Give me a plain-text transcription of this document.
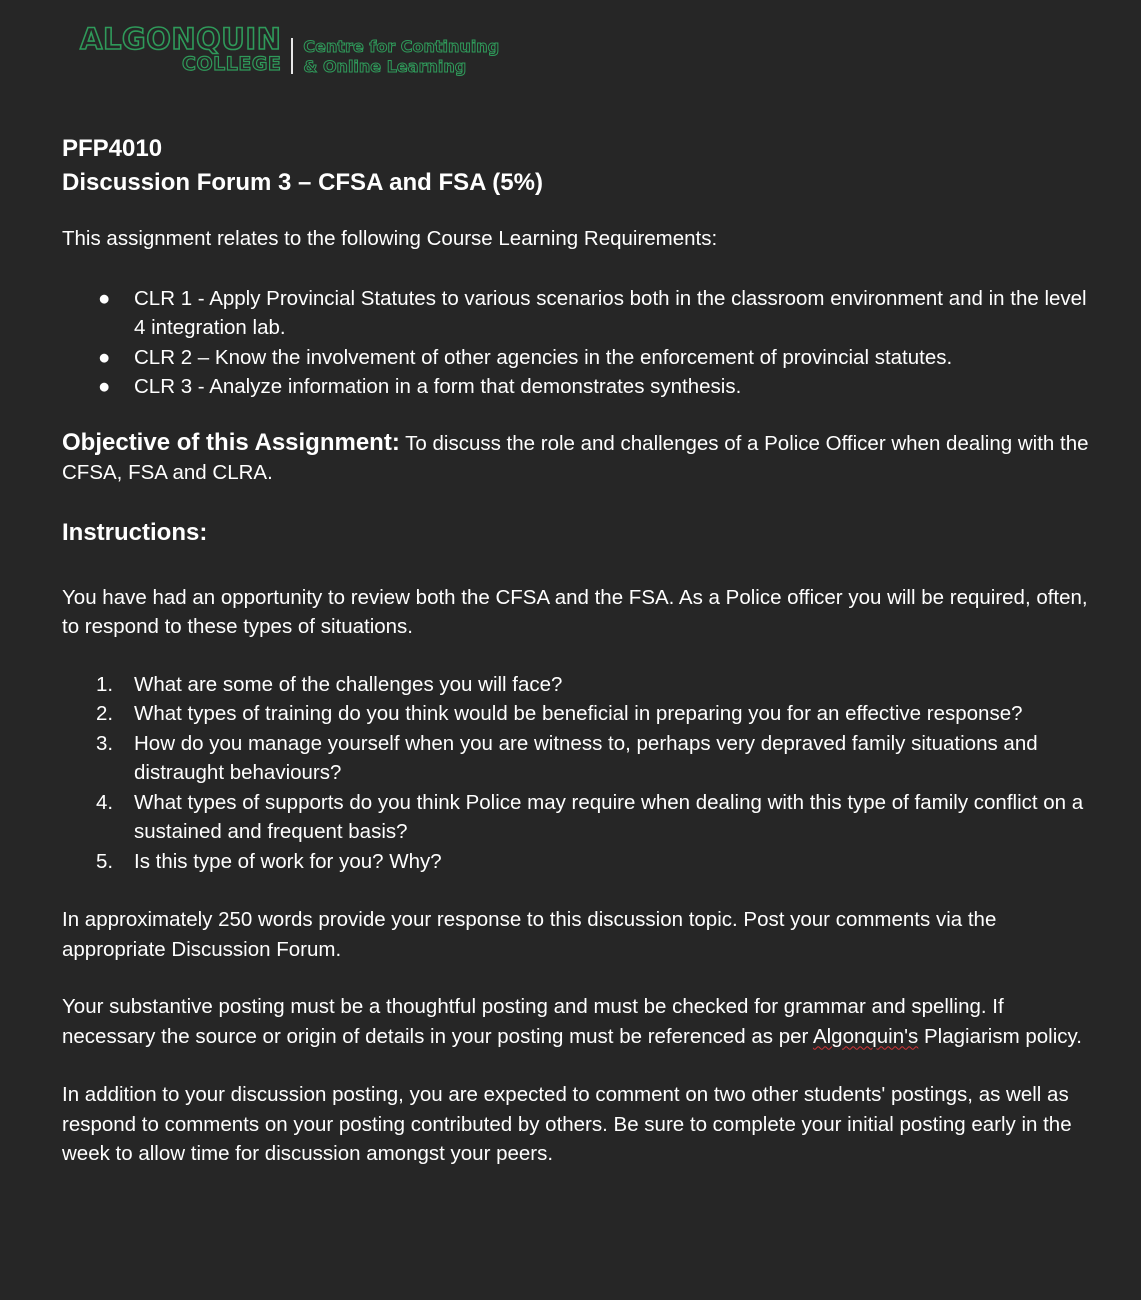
ALGONQUIN
COLLEGE
Centre for Continuing
& Online Learning
PFP4010
Discussion Forum 3 – CFSA and FSA (5%)

This assignment relates to the following Course Learning Requirements:

● CLR 1 - Apply Provincial Statutes to various scenarios both in the classroom environment and in the level 4 integration lab.
● CLR 2 – Know the involvement of other agencies in the enforcement of provincial statutes.
● CLR 3 - Analyze information in a form that demonstrates synthesis.

Objective of this Assignment: To discuss the role and challenges of a Police Officer when dealing with the CFSA, FSA and CLRA.

Instructions:

You have had an opportunity to review both the CFSA and the FSA. As a Police officer you will be required, often, to respond to these types of situations.

1. What are some of the challenges you will face?
2. What types of training do you think would be beneficial in preparing you for an effective response?
3. How do you manage yourself when you are witness to, perhaps very depraved family situations and distraught behaviours?
4. What types of supports do you think Police may require when dealing with this type of family conflict on a sustained and frequent basis?
5. Is this type of work for you? Why?

In approximately 250 words provide your response to this discussion topic. Post your comments via the appropriate Discussion Forum.

Your substantive posting must be a thoughtful posting and must be checked for grammar and spelling. If necessary the source or origin of details in your posting must be referenced as per Algonquin's Plagiarism policy.

In addition to your discussion posting, you are expected to comment on two other students' postings, as well as respond to comments on your posting contributed by others. Be sure to complete your initial posting early in the week to allow time for discussion amongst your peers.
